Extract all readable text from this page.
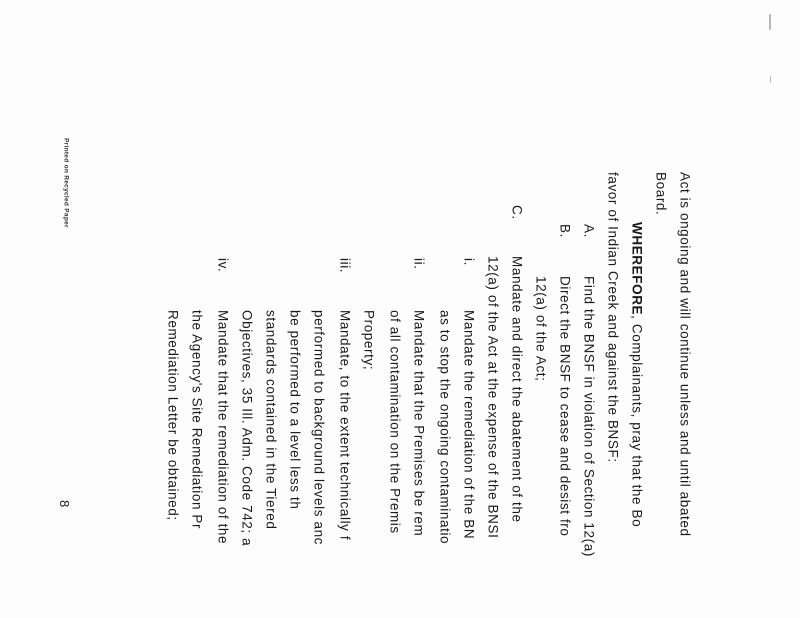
Act is ongoing and will continue unless and until abated
Board.
WHEREFORE, Complainants, pray that the Bo
favor of Indian Creek and against the BNSF:
A.
Find the BNSF in violation of Section 12(a)
B.
Direct the BNSF to cease and desist fro
12(a) of the Act;
C.
Mandate and direct the abatement of the
12(a) of the Act at the expense of the BNSI
i.
Mandate the remediation of the BN
as to stop the ongoing contaminatio
ii.
Mandate that the Premises be rem
of all contamination on the Premis
Property;
iii.
Mandate, to the extent technically f
performed to background levels anc
be performed to a level less th
standards contained in the Tiered
Objectives, 35 Ill. Adm. Code 742; a
iv.
Mandate that the remediation of the
the Agency's Site Remediation Pr
Remediation Letter be obtained;
Printed on Recycled Paper
8
